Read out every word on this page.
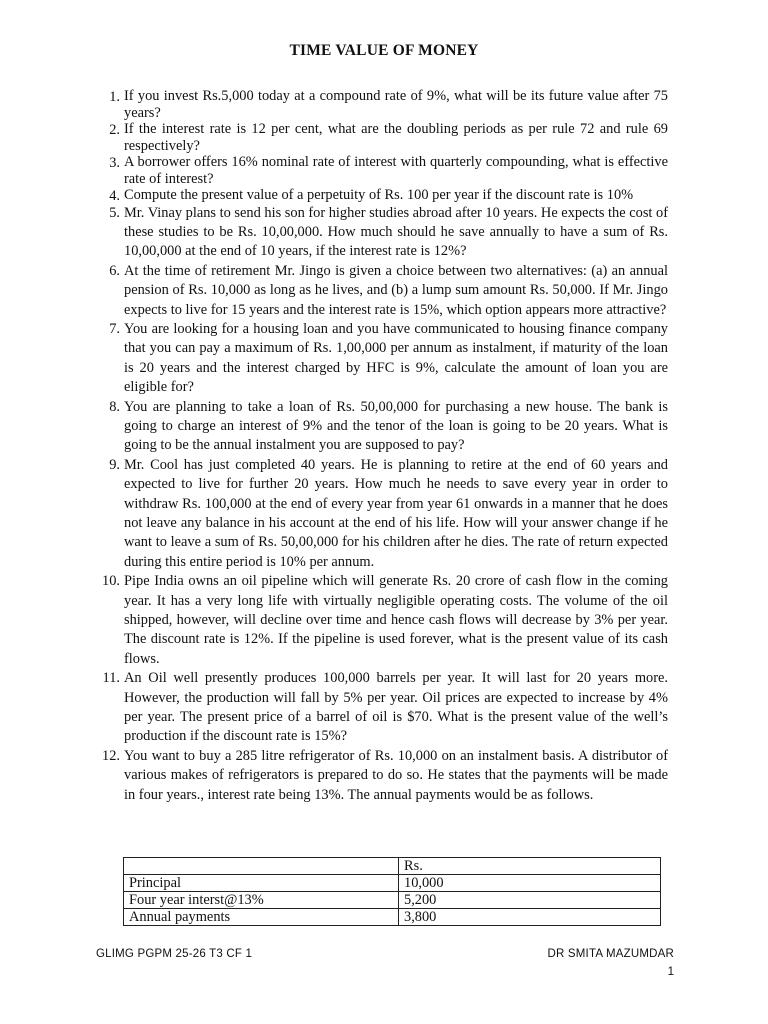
TIME VALUE OF MONEY
1. If you invest Rs.5,000 today at a compound rate of 9%, what will be its future value after 75 years?
2. If the interest rate is 12 per cent, what are the doubling periods as per rule 72 and rule 69 respectively?
3. A borrower offers 16% nominal rate of interest with quarterly compounding, what is effective rate of interest?
4. Compute the present value of a perpetuity of Rs. 100 per year if the discount rate is 10%
5. Mr. Vinay plans to send his son for higher studies abroad after 10 years. He expects the cost of these studies to be Rs. 10,00,000. How much should he save annually to have a sum of Rs. 10,00,000 at the end of 10 years, if the interest rate is 12%?
6. At the time of retirement Mr. Jingo is given a choice between two alternatives: (a) an annual pension of Rs. 10,000 as long as he lives, and (b) a lump sum amount Rs. 50,000. If Mr. Jingo expects to live for 15 years and the interest rate is 15%, which option appears more attractive?
7. You are looking for a housing loan and you have communicated to housing finance company that you can pay a maximum of Rs. 1,00,000 per annum as instalment, if maturity of the loan is 20 years and the interest charged by HFC is 9%, calculate the amount of loan you are eligible for?
8. You are planning to take a loan of Rs. 50,00,000 for purchasing a new house. The bank is going to charge an interest of 9% and the tenor of the loan is going to be 20 years. What is going to be the annual instalment you are supposed to pay?
9. Mr. Cool has just completed 40 years. He is planning to retire at the end of 60 years and expected to live for further 20 years. How much he needs to save every year in order to withdraw Rs. 100,000 at the end of every year from year 61 onwards in a manner that he does not leave any balance in his account at the end of his life. How will your answer change if he want to leave a sum of Rs. 50,00,000 for his children after he dies. The rate of return expected during this entire period is 10% per annum.
10. Pipe India owns an oil pipeline which will generate Rs. 20 crore of cash flow in the coming year. It has a very long life with virtually negligible operating costs. The volume of the oil shipped, however, will decline over time and hence cash flows will decrease by 3% per year. The discount rate is 12%. If the pipeline is used forever, what is the present value of its cash flows.
11. An Oil well presently produces 100,000 barrels per year. It will last for 20 years more. However, the production will fall by 5% per year. Oil prices are expected to increase by 4% per year. The present price of a barrel of oil is $70. What is the present value of the well’s production if the discount rate is 15%?
12. You want to buy a 285 litre refrigerator of Rs. 10,000 on an instalment basis. A distributor of various makes of refrigerators is prepared to do so. He states that the payments will be made in four years., interest rate being 13%. The annual payments would be as follows.
	Rs.
Principal	10,000
Four year interst@13%	5,200
Annual payments	3,800
GLIMG PGPM 25-26 T3 CF 1	DR SMITA MAZUMDAR
1
